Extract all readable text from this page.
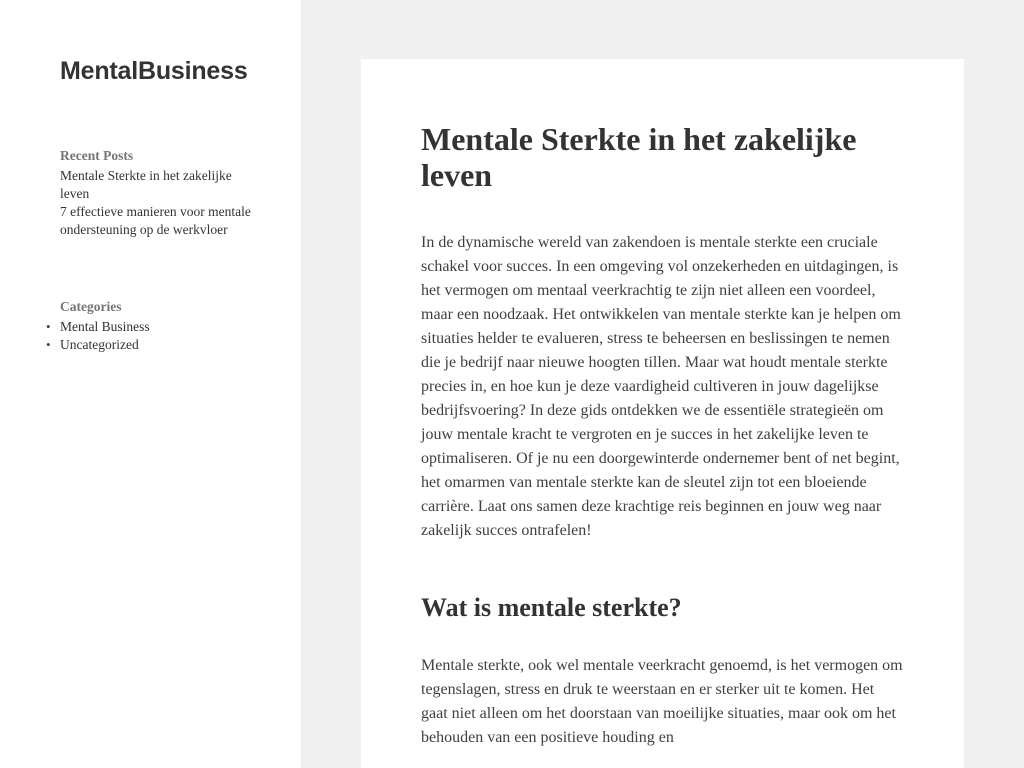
MentalBusiness
Recent Posts
Mentale Sterkte in het zakelijke leven
7 effectieve manieren voor mentale ondersteuning op de werkvloer
Categories
• Mental Business
• Uncategorized
Mentale Sterkte in het zakelijke leven

In de dynamische wereld van zakendoen is mentale sterkte een cruciale schakel voor succes. In een omgeving vol onzekerheden en uitdagingen, is het vermogen om mentaal veerkrachtig te zijn niet alleen een voordeel, maar een noodzaak. Het ontwikkelen van mentale sterkte kan je helpen om situaties helder te evalueren, stress te beheersen en beslissingen te nemen die je bedrijf naar nieuwe hoogten tillen. Maar wat houdt mentale sterkte precies in, en hoe kun je deze vaardigheid cultiveren in jouw dagelijkse bedrijfsvoering? In deze gids ontdekken we de essentiële strategieën om jouw mentale kracht te vergroten en je succes in het zakelijke leven te optimaliseren. Of je nu een doorgewinterde ondernemer bent of net begint, het omarmen van mentale sterkte kan de sleutel zijn tot een bloeiende carrière. Laat ons samen deze krachtige reis beginnen en jouw weg naar zakelijk succes ontrafelen!

Wat is mentale sterkte?

Mentale sterkte, ook wel mentale veerkracht genoemd, is het vermogen om tegenslagen, stress en druk te weerstaan en er sterker uit te komen. Het gaat niet alleen om het doorstaan van moeilijke situaties, maar ook om het behouden van een positieve houding en
